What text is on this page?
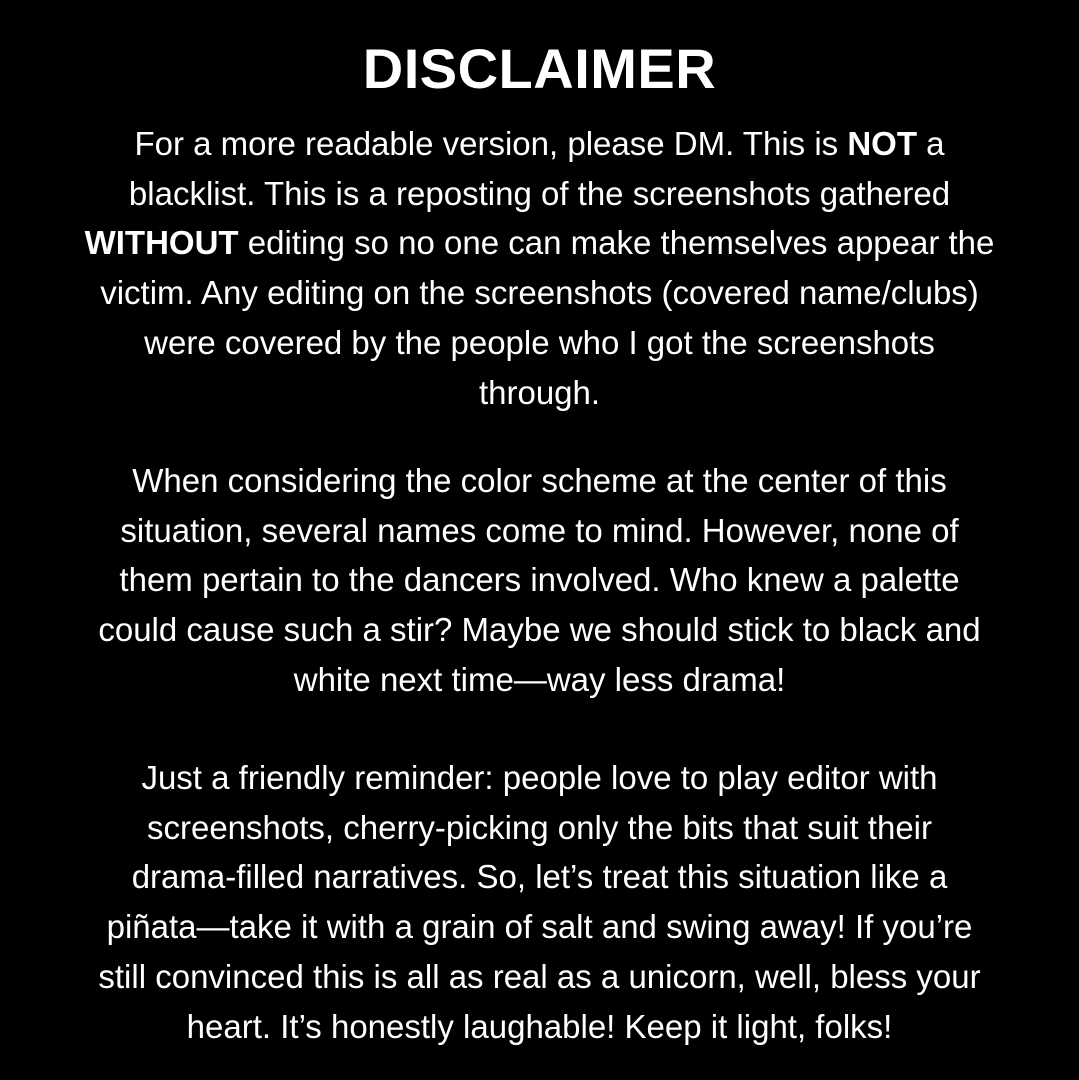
DISCLAIMER
For a more readable version, please DM. This is NOT a
blacklist. This is a reposting of the screenshots gathered
WITHOUT editing so no one can make themselves appear the
victim. Any editing on the screenshots (covered name/clubs)
were covered by the people who I got the screenshots
through.
When considering the color scheme at the center of this
situation, several names come to mind. However, none of
them pertain to the dancers involved. Who knew a palette
could cause such a stir? Maybe we should stick to black and
white next time—way less drama!
Just a friendly reminder: people love to play editor with
screenshots, cherry-picking only the bits that suit their
drama-filled narratives. So, let’s treat this situation like a
piñata—take it with a grain of salt and swing away! If you’re
still convinced this is all as real as a unicorn, well, bless your
heart. It’s honestly laughable! Keep it light, folks!
